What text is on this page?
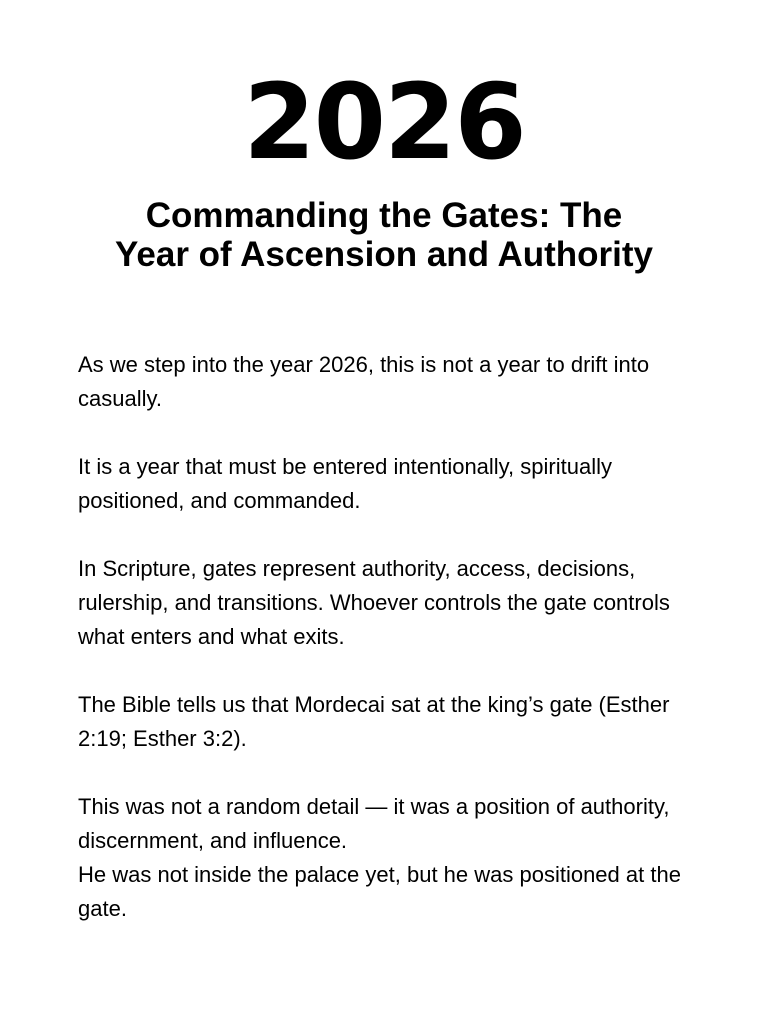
2026
Commanding the Gates: The
Year of Ascension and Authority

As we step into the year 2026, this is not a year to drift into casually.

It is a year that must be entered intentionally, spiritually positioned, and commanded.

In Scripture, gates represent authority, access, decisions, rulership, and transitions. Whoever controls the gate controls what enters and what exits.

The Bible tells us that Mordecai sat at the king’s gate (Esther 2:19; Esther 3:2).

This was not a random detail — it was a position of authority, discernment, and influence.

He was not inside the palace yet, but he was positioned at the gate.
